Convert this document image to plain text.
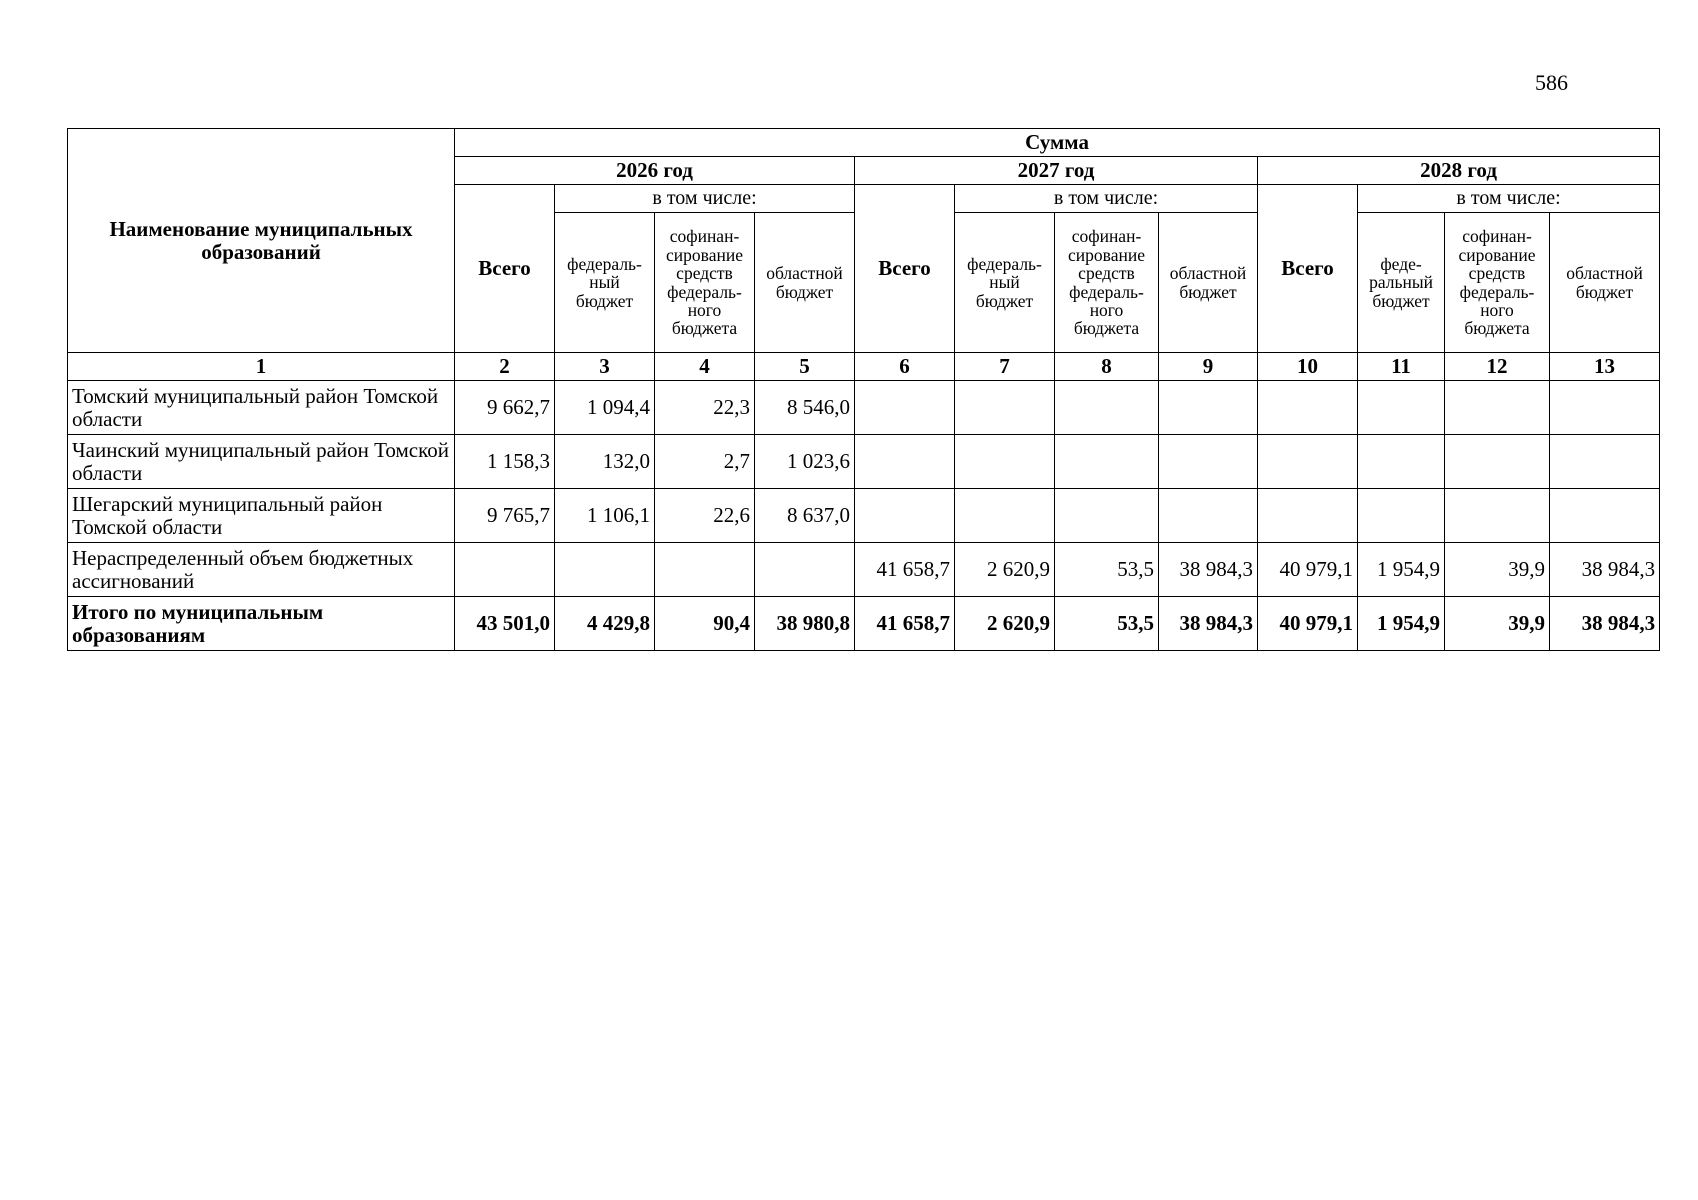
586
Наименование муниципальных образований	Сумма											
	2026 год				2027 год				2028 год			
	Всего	в том числе:			Всего	в том числе:			Всего	в том числе:		
		федераль-ный бюджет	софинан-сирование средств федераль-ного бюджета	областной бюджет		федераль-ный бюджет	софинан-сирование средств федераль-ного бюджета	областной бюджет		феде-ральный бюджет	софинан-сирование средств федераль-ного бюджета	областной бюджет
1	2	3	4	5	6	7	8	9	10	11	12	13
Томский муниципальный район Томской области	9 662,7	1 094,4	22,3	8 546,0								
Чаинский муниципальный район Томской области	1 158,3	132,0	2,7	1 023,6								
Шегарский муниципальный район Томской области	9 765,7	1 106,1	22,6	8 637,0								
Нераспределенный объем бюджетных ассигнований					41 658,7	2 620,9	53,5	38 984,3	40 979,1	1 954,9	39,9	38 984,3
Итого по муниципальным образованиям	43 501,0	4 429,8	90,4	38 980,8	41 658,7	2 620,9	53,5	38 984,3	40 979,1	1 954,9	39,9	38 984,3
